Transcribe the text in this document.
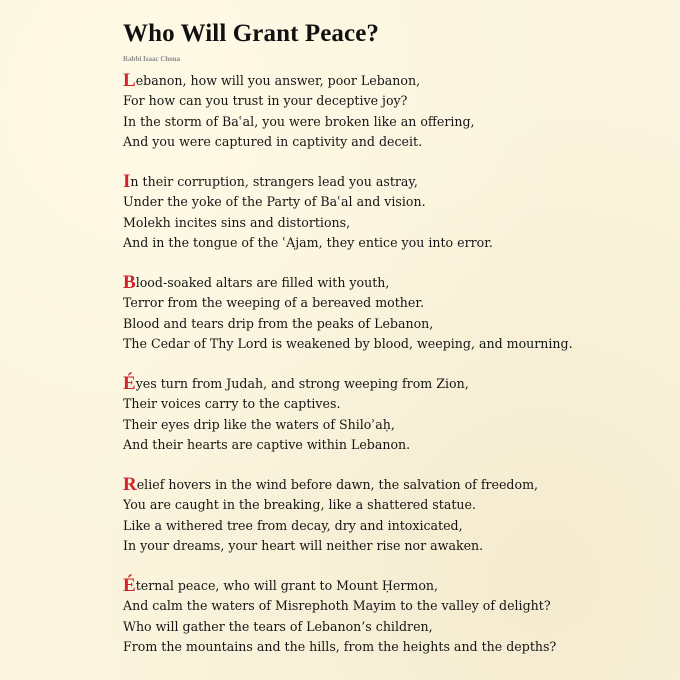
Who Will Grant Peace?
Rabbi Isaac Choua
Lebanon, how will you answer, poor Lebanon,
For how can you trust in your deceptive joy?
In the storm of Baʿal, you were broken like an offering,
And you were captured in captivity and deceit.
In their corruption, strangers lead you astray,
Under the yoke of the Party of Baʿal and vision.
Molekh incites sins and distortions,
And in the tongue of the ʿAjam, they entice you into error.
Blood-soaked altars are filled with youth,
Terror from the weeping of a bereaved mother.
Blood and tears drip from the peaks of Lebanon,
The Cedar of Thy Lord is weakened by blood, weeping, and mourning.
Éyes turn from Judah, and strong weeping from Zion,
Their voices carry to the captives.
Their eyes drip like the waters of Shiloʾaḥ,
And their hearts are captive within Lebanon.
Relief hovers in the wind before dawn, the salvation of freedom,
You are caught in the breaking, like a shattered statue.
Like a withered tree from decay, dry and intoxicated,
In your dreams, your heart will neither rise nor awaken.
Éternal peace, who will grant to Mount Ḥermon,
And calm the waters of Misrephoth Mayim to the valley of delight?
Who will gather the tears of Lebanon’s children,
From the mountains and the hills, from the heights and the depths?
